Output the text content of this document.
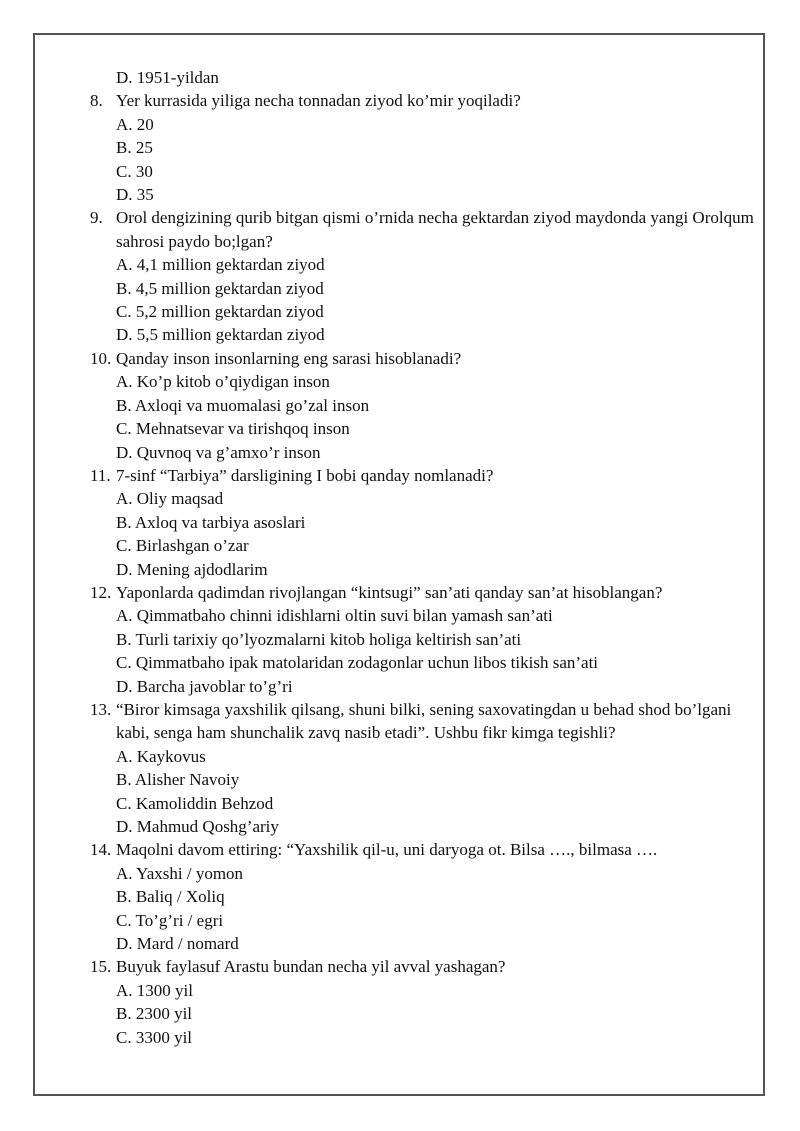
D. 1951-yildan
8. Yer kurrasida yiliga necha tonnadan ziyod ko’mir yoqiladi?
A. 20
B. 25
C. 30
D. 35
9. Orol dengizining qurib bitgan qismi o’rnida necha gektardan ziyod maydonda yangi Orolqum sahrosi paydo bo;lgan?
A. 4,1 million gektardan ziyod
B. 4,5 million gektardan ziyod
C. 5,2 million gektardan ziyod
D. 5,5 million gektardan ziyod
10. Qanday inson insonlarning eng sarasi hisoblanadi?
A. Ko’p kitob o’qiydigan inson
B. Axloqi va muomalasi go’zal inson
C. Mehnatsevar va tirishqoq inson
D. Quvnoq va g’amxo’r inson
11. 7-sinf “Tarbiya” darsligining I bobi qanday nomlanadi?
A. Oliy maqsad
B. Axloq va tarbiya asoslari
C. Birlashgan o’zar
D. Mening ajdodlarim
12. Yaponlarda qadimdan rivojlangan “kintsugi” san’ati qanday san’at hisoblangan?
A. Qimmatbaho chinni idishlarni oltin suvi bilan yamash san’ati
B. Turli tarixiy qo’lyozmalarni kitob holiga keltirish san’ati
C. Qimmatbaho ipak matolaridan zodagonlar uchun libos tikish san’ati
D. Barcha javoblar to’g’ri
13. “Biror kimsaga yaxshilik qilsang, shuni bilki, sening saxovatingdan u behad shod bo’lgani kabi, senga ham shunchalik zavq nasib etadi”. Ushbu fikr kimga tegishli?
A. Kaykovus
B. Alisher Navoiy
C. Kamoliddin Behzod
D. Mahmud Qoshg’ariy
14. Maqolni davom ettiring: “Yaxshilik qil-u, uni daryoga ot. Bilsa …., bilmasa ….
A. Yaxshi / yomon
B. Baliq / Xoliq
C. To’g’ri / egri
D. Mard / nomard
15. Buyuk faylasuf Arastu bundan necha yil avval yashagan?
A. 1300 yil
B. 2300 yil
C. 3300 yil
